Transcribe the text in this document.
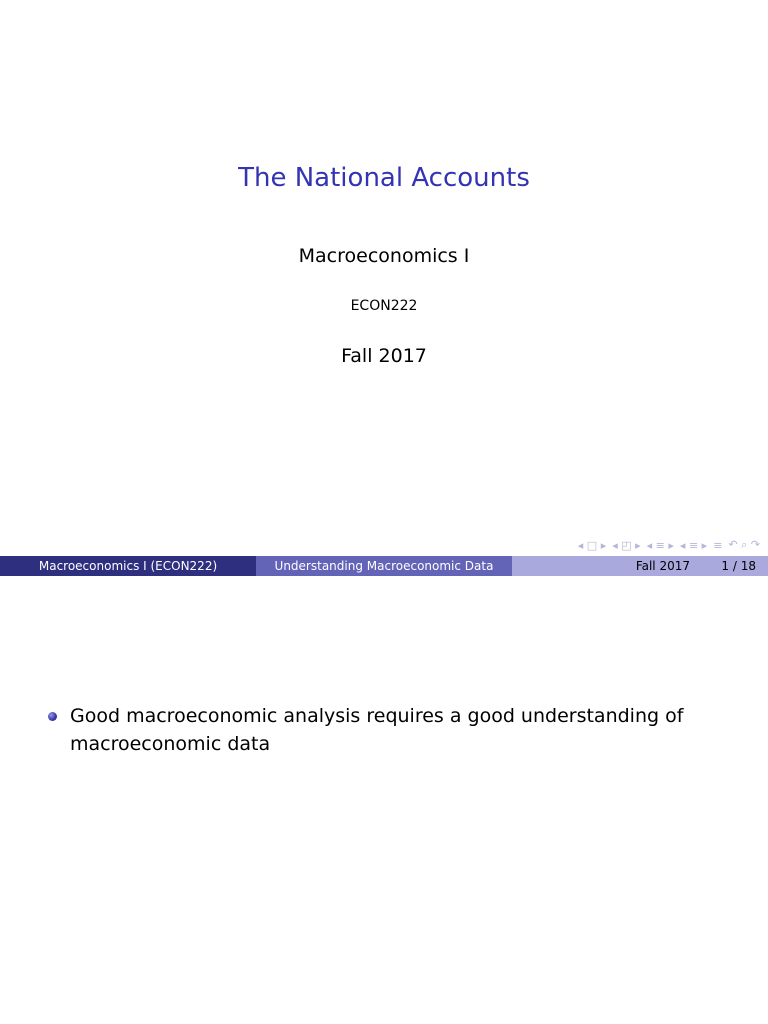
The National Accounts
Macroeconomics I
ECON222
Fall 2017
◂ □ ▸ ◂ ◰ ▸ ◂ ≡ ▸ ◂ ≡ ▸ ≡ ↶ ⌕ ↷
Macroeconomics I (ECON222)	Understanding Macroeconomic Data	Fall 2017	1 / 18
Good macroeconomic analysis requires a good understanding of macroeconomic data
